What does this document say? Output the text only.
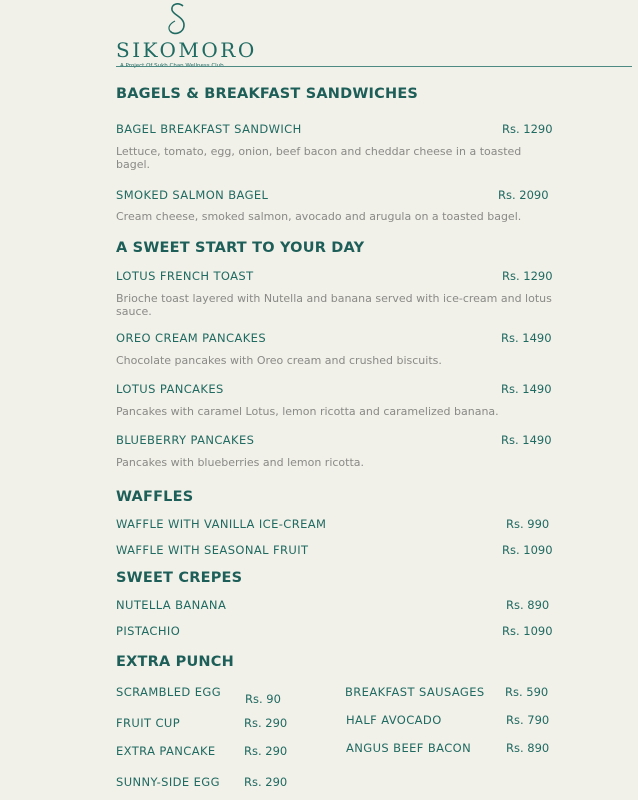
SIKOMORO
A Project Of Sukh Chan Wellness Club
BAGELS & BREAKFAST SANDWICHES
BAGEL BREAKFAST SANDWICH	Rs. 1290
Lettuce, tomato, egg, onion, beef bacon and cheddar cheese in a toasted bagel.
SMOKED SALMON BAGEL	Rs. 2090
Cream cheese, smoked salmon, avocado and arugula on a toasted bagel.
A SWEET START TO YOUR DAY
LOTUS FRENCH TOAST	Rs. 1290
Brioche toast layered with Nutella and banana served with ice-cream and lotus sauce.
OREO CREAM PANCAKES	Rs. 1490
Chocolate pancakes with Oreo cream and crushed biscuits.
LOTUS PANCAKES	Rs. 1490
Pancakes with caramel Lotus, lemon ricotta and caramelized banana.
BLUEBERRY PANCAKES	Rs. 1490
Pancakes with blueberries and lemon ricotta.
WAFFLES
WAFFLE WITH VANILLA ICE-CREAM	Rs. 990
WAFFLE WITH SEASONAL FRUIT	Rs. 1090
SWEET CREPES
NUTELLA BANANA	Rs. 890
PISTACHIO	Rs. 1090
EXTRA PUNCH
SCRAMBLED EGG Rs. 90
FRUIT CUP	Rs. 290
EXTRA PANCAKE Rs. 290
SUNNY-SIDE EGG Rs. 290
BREAKFAST SAUSAGES Rs. 590
HALF AVOCADO	Rs. 790
ANGUS BEEF BACON	Rs. 890
